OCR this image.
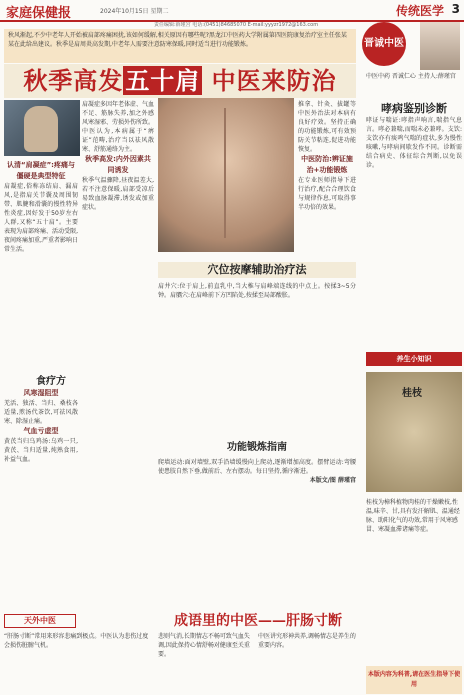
家庭保健报	2024年10月15日 星期二	传统医学 3
责任编辑:薛瑾宫 电话:(0451)84685070 E-mail:yyyzr1972@163.com
秋风渐起,不少中老年人开始被肩部疼痛困扰,该如何缓解,相关原因有哪些呢?黑龙江中医药大学附属第四医院康复治疗室主任张某某在此给出建议。秋季是肩周炎高发期,中老年人需要注意防寒保暖,同时适当进行功能锻炼。
秋季高发五十肩 中医来防治

认清“肩凝症”:疼痛与僵硬是典型特征

肩凝症,俗称冻结肩、漏肩风,是指肩关节囊及周围韧带、肌腱和滑囊的慢性特异性炎症,因好发于50岁左右人群,又称“五十肩”。主要表现为肩部疼痛、活动受限,夜间疼痛加重,严重者影响日常生活。

食疗方

风寒湿阻型

羌活、独活、当归、桑枝各适量,煎汤代茶饮,可祛风散寒、除湿止痛。

气血亏虚型

黄芪当归乌鸡汤:乌鸡一只,黄芪、当归适量,炖熟食用,补益气血。

肩凝症多因年老体虚、气血不足、筋脉失养,加之外感风寒湿邪、劳损外伤所致。中医认为,本病属于“痹证”范畴,治疗当以祛风散寒、舒筋通络为主。

秋季高发:内外因素共同诱发

秋季气温骤降,昼夜温差大,若不注意保暖,肩部受凉后易致血脉凝滞,诱发或加重症状。

推拿、针灸、拔罐等中医外治法对本病有良好疗效。坚持正确的功能锻炼,可有效预防关节粘连,促进功能恢复。

中医防治:辨证施治+功能锻炼

在专业医师指导下进行治疗,配合合理饮食与规律作息,可取得事半功倍的效果。

穴位按摩辅助治疗法

肩井穴:位于肩上,前直乳中,当大椎与肩峰端连线的中点上。按揉3~5分钟。肩髃穴:在肩峰前下方凹陷处,按揉至局部酸胀。

功能锻炼指南

爬墙运动:面对墙壁,双手沿墙缓慢向上爬动,逐渐增加高度。摆臂运动:弯腰使患肢自然下垂,做前后、左右摆动。每日坚持,循序渐进。

本版文/图 薛瑾宫

天外中医	成语里的中医——肝肠寸断
“肝肠寸断”常用来形容悲痛到极点。中医认为悲伤过度会损伤脏腑气机。
悲则气消,长期情志不畅可致气血失调,因此保持心情舒畅对健康至关重要。
中医讲究形神共养,调畅情志是养生的重要内容。
晋诚中医
中医中药 晋诚仁心 主持人:薛瑾宫
哮病鉴别诊断
哮证与喘证:哮指声响言,喘指气息言。哮必兼喘,而喘未必兼哮。支饮:支饮亦有痰鸣气喘的症状,多为慢性咳嗽,与哮病间歇发作不同。诊断需结合病史、体征综合判断,以免误诊。
养生小知识
桂枝
桂枝为樟科植物肉桂的干燥嫩枝,性温,味辛、甘,具有发汗解肌、温通经脉、助阳化气的功效,常用于风寒感冒、寒凝血滞诸痛等症。
本版内容为科普,请在医生指导下使用
